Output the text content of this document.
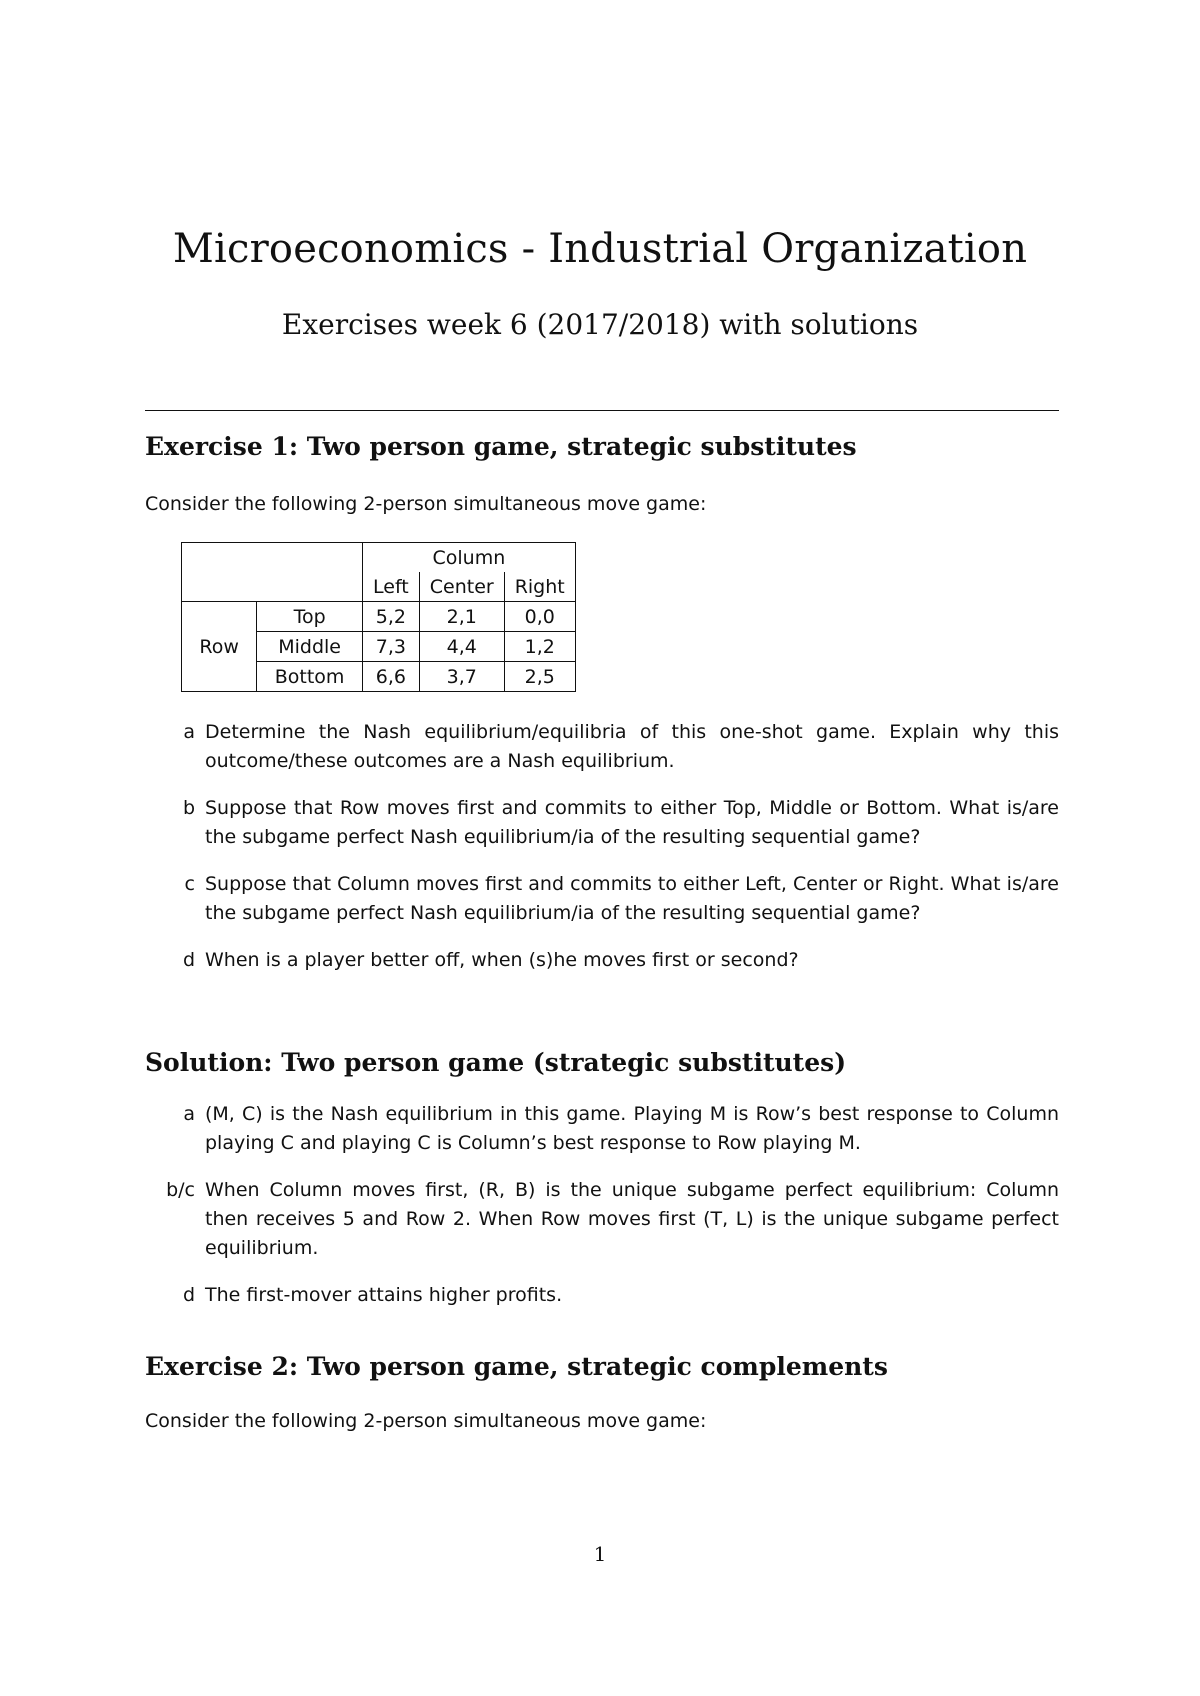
Microeconomics - Industrial Organization

Exercises week 6 (2017/2018) with solutions

Exercise 1: Two person game, strategic substitutes

Consider the following 2-person simultaneous move game:

		Column		
		Left	Center	Right
Row	Top	5,2	2,1	0,0
	Middle	7,3	4,4	1,2
	Bottom	6,6	3,7	2,5
a Determine the Nash equilibrium/equilibria of this one-shot game. Explain why this outcome/these outcomes are a Nash equilibrium.
b Suppose that Row moves first and commits to either Top, Middle or Bottom. What is/are the subgame perfect Nash equilibrium/ia of the resulting sequential game?
c Suppose that Column moves first and commits to either Left, Center or Right. What is/are the subgame perfect Nash equilibrium/ia of the resulting sequential game?
d When is a player better off, when (s)he moves first or second?
Solution: Two person game (strategic substitutes)
a (M, C) is the Nash equilibrium in this game. Playing M is Row’s best response to Column playing C and playing C is Column’s best response to Row playing M.
b/c When Column moves first, (R, B) is the unique subgame perfect equilibrium: Column then receives 5 and Row 2. When Row moves first (T, L) is the unique subgame perfect equilibrium.
d The first-mover attains higher profits.
Exercise 2: Two person game, strategic complements

Consider the following 2-person simultaneous move game:

1
